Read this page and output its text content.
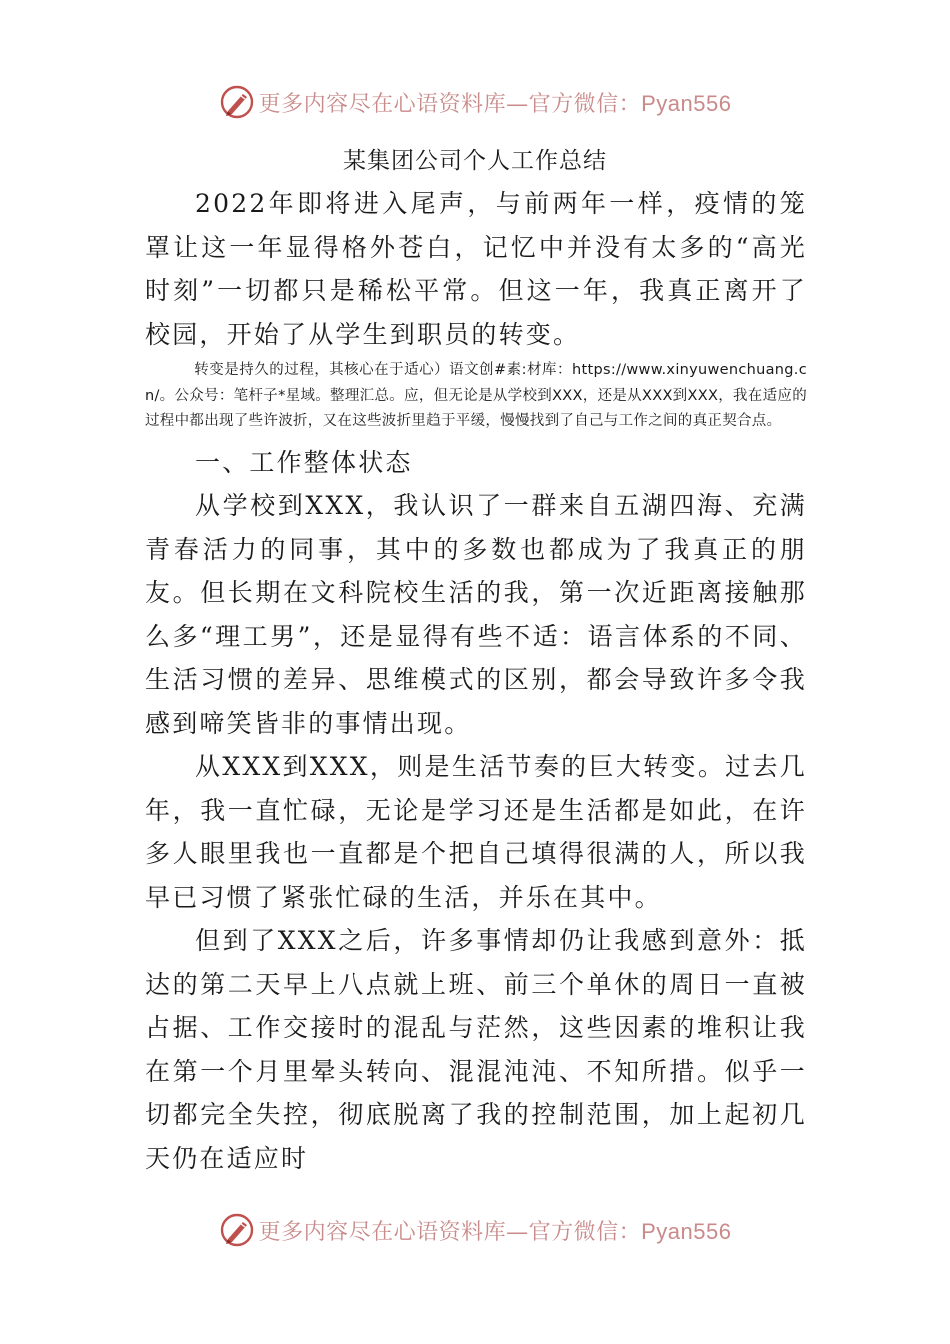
更多内容尽在心语资料库—官方微信：Pyan556
某集团公司个人工作总结

2022年即将进入尾声，与前两年一样，疫情的笼罩让这一年显得格外苍白，记忆中并没有太多的“高光时刻”一切都只是稀松平常。但这一年，我真正离开了校园，开始了从学生到职员的转变。

转变是持久的过程，其核心在于适心）语文创#素:材库：https://www.xinyuwenchuang.cn/。公众号：笔杆子*星域。整理汇总。应，但无论是从学校到XXX，还是从XXX到XXX，我在适应的过程中都出现了些许波折，又在这些波折里趋于平缓，慢慢找到了自己与工作之间的真正契合点。

一、工作整体状态

从学校到XXX，我认识了一群来自五湖四海、充满青春活力的同事，其中的多数也都成为了我真正的朋友。但长期在文科院校生活的我，第一次近距离接触那么多“理工男”，还是显得有些不适：语言体系的不同、生活习惯的差异、思维模式的区别，都会导致许多令我感到啼笑皆非的事情出现。

从XXX到XXX，则是生活节奏的巨大转变。过去几年，我一直忙碌，无论是学习还是生活都是如此，在许多人眼里我也一直都是个把自己填得很满的人，所以我早已习惯了紧张忙碌的生活，并乐在其中。

但到了XXX之后，许多事情却仍让我感到意外：抵达的第二天早上八点就上班、前三个单休的周日一直被占据、工作交接时的混乱与茫然，这些因素的堆积让我在第一个月里晕头转向、混混沌沌、不知所措。似乎一切都完全失控，彻底脱离了我的控制范围，加上起初几天仍在适应时

更多内容尽在心语资料库—官方微信：Pyan556
